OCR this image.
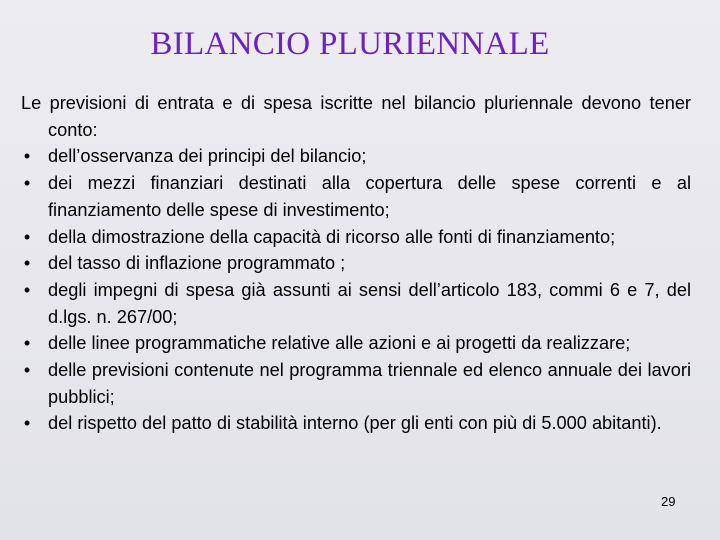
BILANCIO PLURIENNALE

Le previsioni di entrata e di spesa iscritte nel bilancio pluriennale devono tener conto:

• dell’osservanza dei principi del bilancio;
• dei mezzi finanziari destinati alla copertura delle spese correnti e al finanziamento delle spese di investimento;
• della dimostrazione della capacità di ricorso alle fonti di finanziamento;
• del tasso di inflazione programmato ;
• degli impegni di spesa già assunti ai sensi dell’articolo 183, commi 6 e 7, del d.lgs. n. 267/00;
• delle linee programmatiche relative alle azioni e ai progetti da realizzare;
• delle previsioni contenute nel programma triennale ed elenco annuale dei lavori pubblici;
• del rispetto del patto di stabilità interno (per gli enti con più di 5.000 abitanti).
29
